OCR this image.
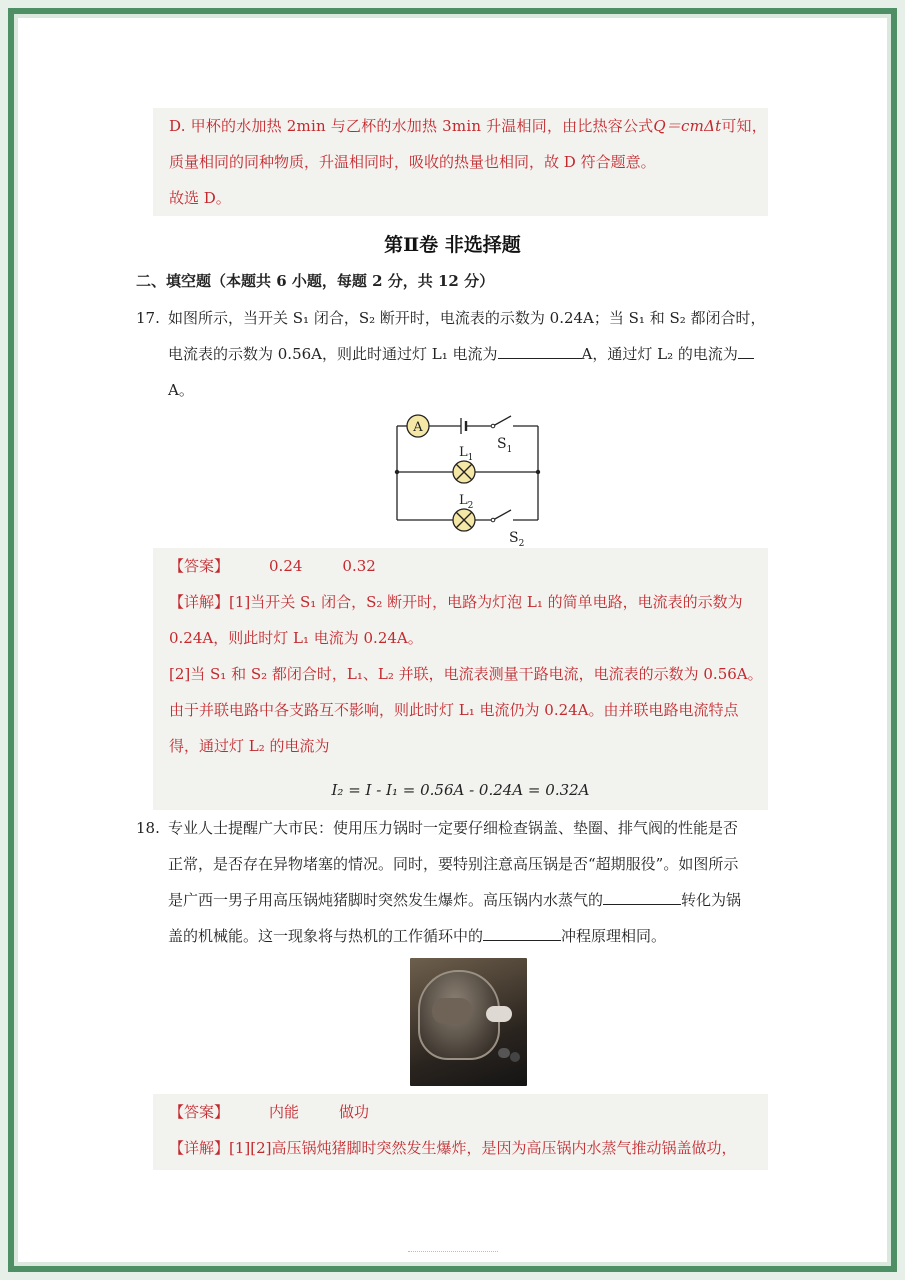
D. 甲杯的水加热 2min 与乙杯的水加热 3min 升温相同，由比热容公式Q＝cmΔt可知，
质量相同的同种物质，升温相同时，吸收的热量也相同，故 D 符合题意。
故选 D。
第Ⅱ卷 非选择题
二、填空题（本题共 6 小题，每题 2 分，共 12 分）
17. 如图所示，当开关 S₁ 闭合，S₂ 断开时，电流表的示数为 0.24A；当 S₁ 和 S₂ 都闭合时，
电流表的示数为 0.56A，则此时通过灯 L₁ 电流为	A，通过灯 L₂ 的电流为
A。
A
$S_1$
$L_1$
$L_2$
$S_2$
【答案】	0.24	0.32
【详解】[1]当开关 S₁ 闭合，S₂ 断开时，电路为灯泡 L₁ 的简单电路，电流表的示数为
0.24A，则此时灯 L₁ 电流为 0.24A。
[2]当 S₁ 和 S₂ 都闭合时，L₁、L₂ 并联，电流表测量干路电流，电流表的示数为 0.56A。
由于并联电路中各支路互不影响，则此时灯 L₁ 电流仍为 0.24A。由并联电路电流特点
得，通过灯 L₂ 的电流为
I₂ = I - I₁ = 0.56A - 0.24A = 0.32A
18. 专业人士提醒广大市民：使用压力锅时一定要仔细检查锅盖、垫圈、排气阀的性能是否
正常，是否存在异物堵塞的情况。同时，要特别注意高压锅是否“超期服役”。如图所示
是广西一男子用高压锅炖猪脚时突然发生爆炸。高压锅内水蒸气的	转化为锅
盖的机械能。这一现象将与热机的工作循环中的	冲程原理相同。
【答案】	内能	做功
【详解】[1][2]高压锅炖猪脚时突然发生爆炸，是因为高压锅内水蒸气推动锅盖做功，
